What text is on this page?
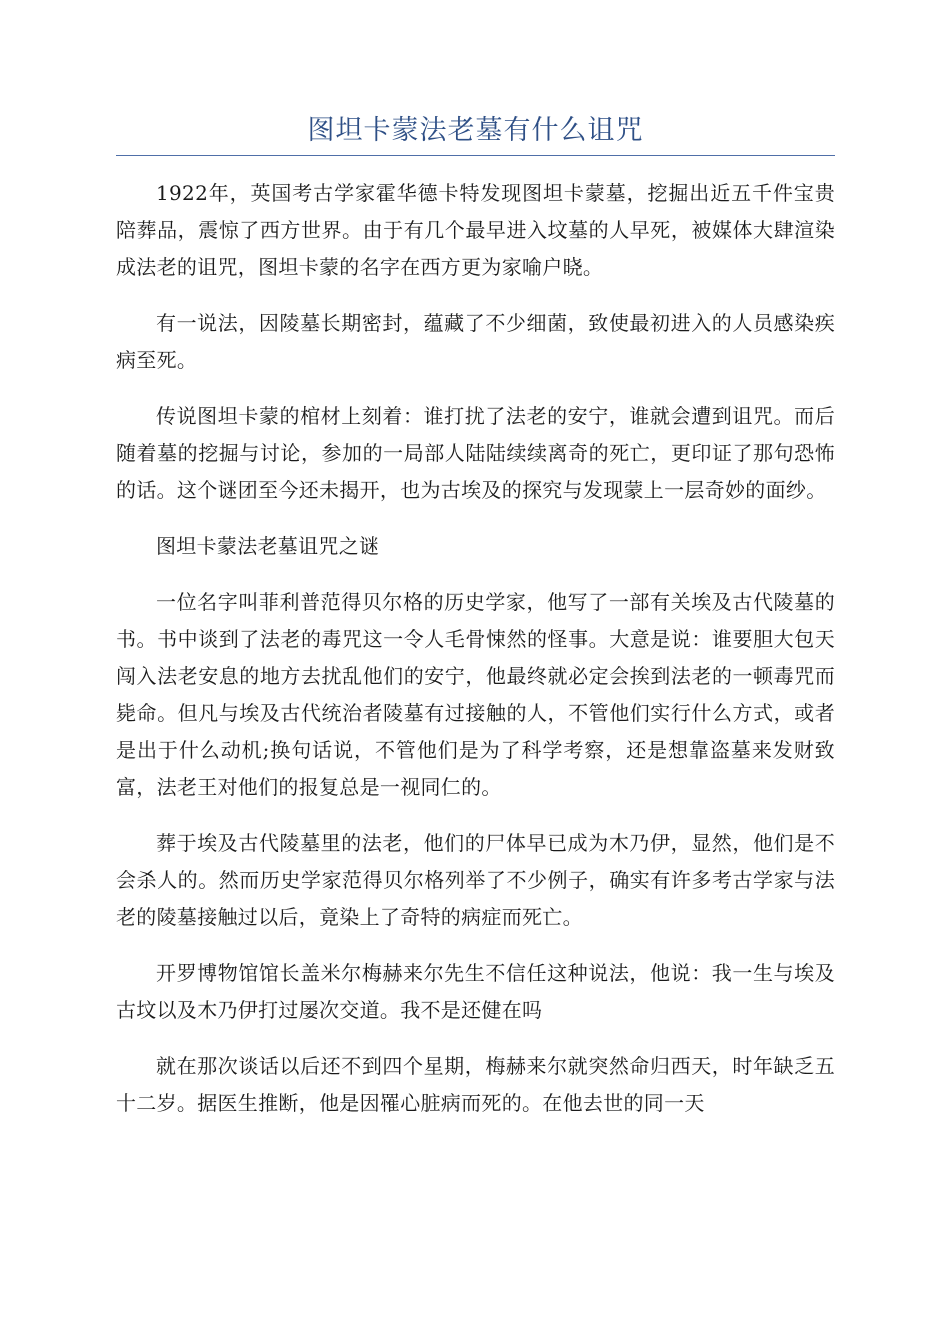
图坦卡蒙法老墓有什么诅咒

1922年，英国考古学家霍华德卡特发现图坦卡蒙墓，挖掘出近五千件宝贵陪葬品，震惊了西方世界。由于有几个最早进入坟墓的人早死，被媒体大肆渲染成法老的诅咒，图坦卡蒙的名字在西方更为家喻户晓。

有一说法，因陵墓长期密封，蕴藏了不少细菌，致使最初进入的人员感染疾病至死。

传说图坦卡蒙的棺材上刻着：谁打扰了法老的安宁，谁就会遭到诅咒。而后随着墓的挖掘与讨论，参加的一局部人陆陆续续离奇的死亡，更印证了那句恐怖的话。这个谜团至今还未揭开，也为古埃及的探究与发现蒙上一层奇妙的面纱。

图坦卡蒙法老墓诅咒之谜

一位名字叫菲利普范得贝尔格的历史学家，他写了一部有关埃及古代陵墓的书。书中谈到了法老的毒咒这一令人毛骨悚然的怪事。大意是说：谁要胆大包天闯入法老安息的地方去扰乱他们的安宁，他最终就必定会挨到法老的一顿毒咒而毙命。但凡与埃及古代统治者陵墓有过接触的人，不管他们实行什么方式，或者是出于什么动机;换句话说，不管他们是为了科学考察，还是想靠盗墓来发财致富，法老王对他们的报复总是一视同仁的。

葬于埃及古代陵墓里的法老，他们的尸体早已成为木乃伊，显然，他们是不会杀人的。然而历史学家范得贝尔格列举了不少例子，确实有许多考古学家与法老的陵墓接触过以后，竟染上了奇特的病症而死亡。

开罗博物馆馆长盖米尔梅赫来尔先生不信任这种说法，他说：我一生与埃及古坟以及木乃伊打过屡次交道。我不是还健在吗

就在那次谈话以后还不到四个星期，梅赫来尔就突然命归西天，时年缺乏五十二岁。据医生推断，他是因罹心脏病而死的。在他去世的同一天
